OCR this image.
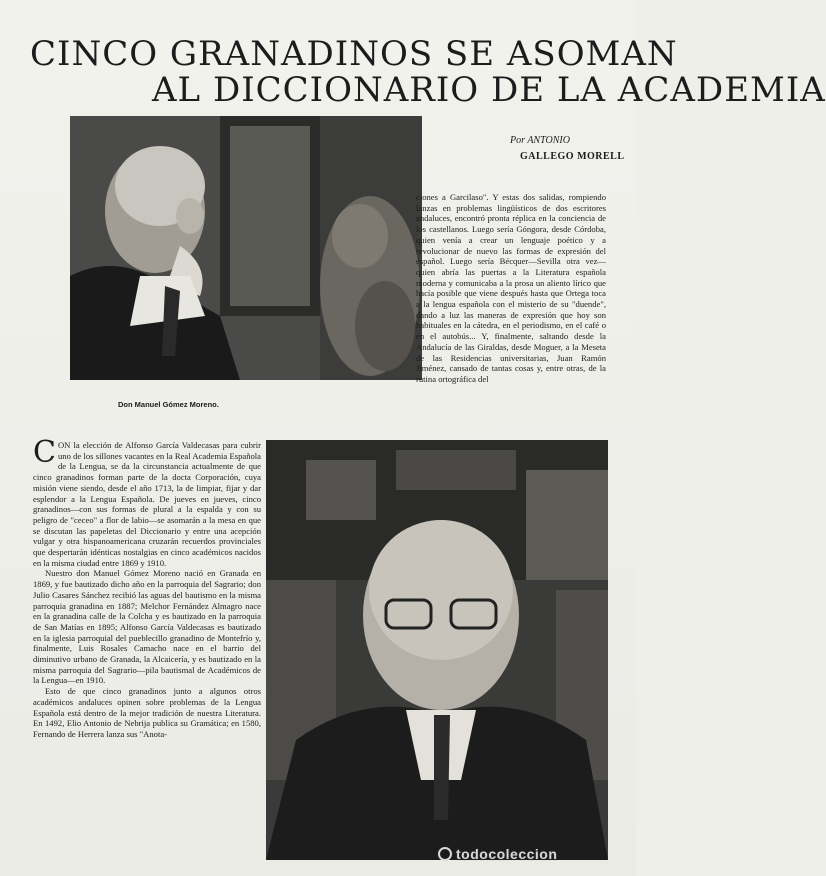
CINCO GRANADINOS SE ASOMAN
AL DICCIONARIO DE LA ACADEMIA
Por ANTONIO
GALLEGO MORELL
Don Manuel Gómez Moreno.

ciones a Garcilaso". Y estas dos salidas, rompiendo lanzas en problemas lingüísticos de dos escritores andaluces, encontró pronta réplica en la conciencia de los castellanos. Luego sería Góngora, desde Córdoba, quien venía a crear un lenguaje poético y a revolucionar de nuevo las formas de expresión del español. Luego sería Bécquer—Sevilla otra vez—quien abría las puertas a la Literatura española moderna y comunicaba a la prosa un aliento lírico que hacía posible que viene después hasta que Ortega toca a la lengua española con el misterio de su "duende", dando a luz las maneras de expresión que hoy son habituales en la cátedra, en el periodismo, en el café o en el autobús... Y, finalmente, saltando desde la Andalucía de las Giraldas, desde Moguer, a la Meseta de las Residencias universitarias, Juan Ramón Jiménez, cansado de tantas cosas y, entre otras, de la rutina ortográfica del

CON la elección de Alfonso García Valdecasas para cubrir uno de los sillones vacantes en la Real Academia Española de la Lengua, se da la circunstancia actualmente de que cinco granadinos forman parte de la docta Corporación, cuya misión viene siendo, desde el año 1713, la de limpiar, fijar y dar esplendor a la Lengua Española. De jueves en jueves, cinco granadinos—con sus formas de plural a la espalda y con su peligro de "ceceo" a flor de labio—se asomarán a la mesa en que se discutan las papeletas del Diccionario y entre una acepción vulgar y otra hispanoamericana cruzarán recuerdos provinciales que despertarán idénticas nostalgias en cinco académicos nacidos en la misma ciudad entre 1869 y 1910.

Nuestro don Manuel Gómez Moreno nació en Granada en 1869, y fue bautizado dicho año en la parroquia del Sagrario; don Julio Casares Sánchez recibió las aguas del bautismo en la misma parroquia granadina en 1887; Melchor Fernández Almagro nace en la granadina calle de la Colcha y es bautizado en la parroquia de San Matías en 1895; Alfonso García Valdecasas es bautizado en la iglesia parroquial del pueblecillo granadino de Montefrío y, finalmente, Luis Rosales Camacho nace en el barrio del diminutivo urbano de Granada, la Alcaicería, y es bautizado en la misma parroquia del Sagrario—pila bautismal de Académicos de la Lengua—en 1910.

Esto de que cinco granadinos junto a algunos otros académicos andaluces opinen sobre problemas de la Lengua Española está dentro de la mejor tradición de nuestra Literatura. En 1492, Elio Antonio de Nebrija publica su Gramática; en 1580, Fernando de Herrera lanza sus "Anota-

todocoleccion
